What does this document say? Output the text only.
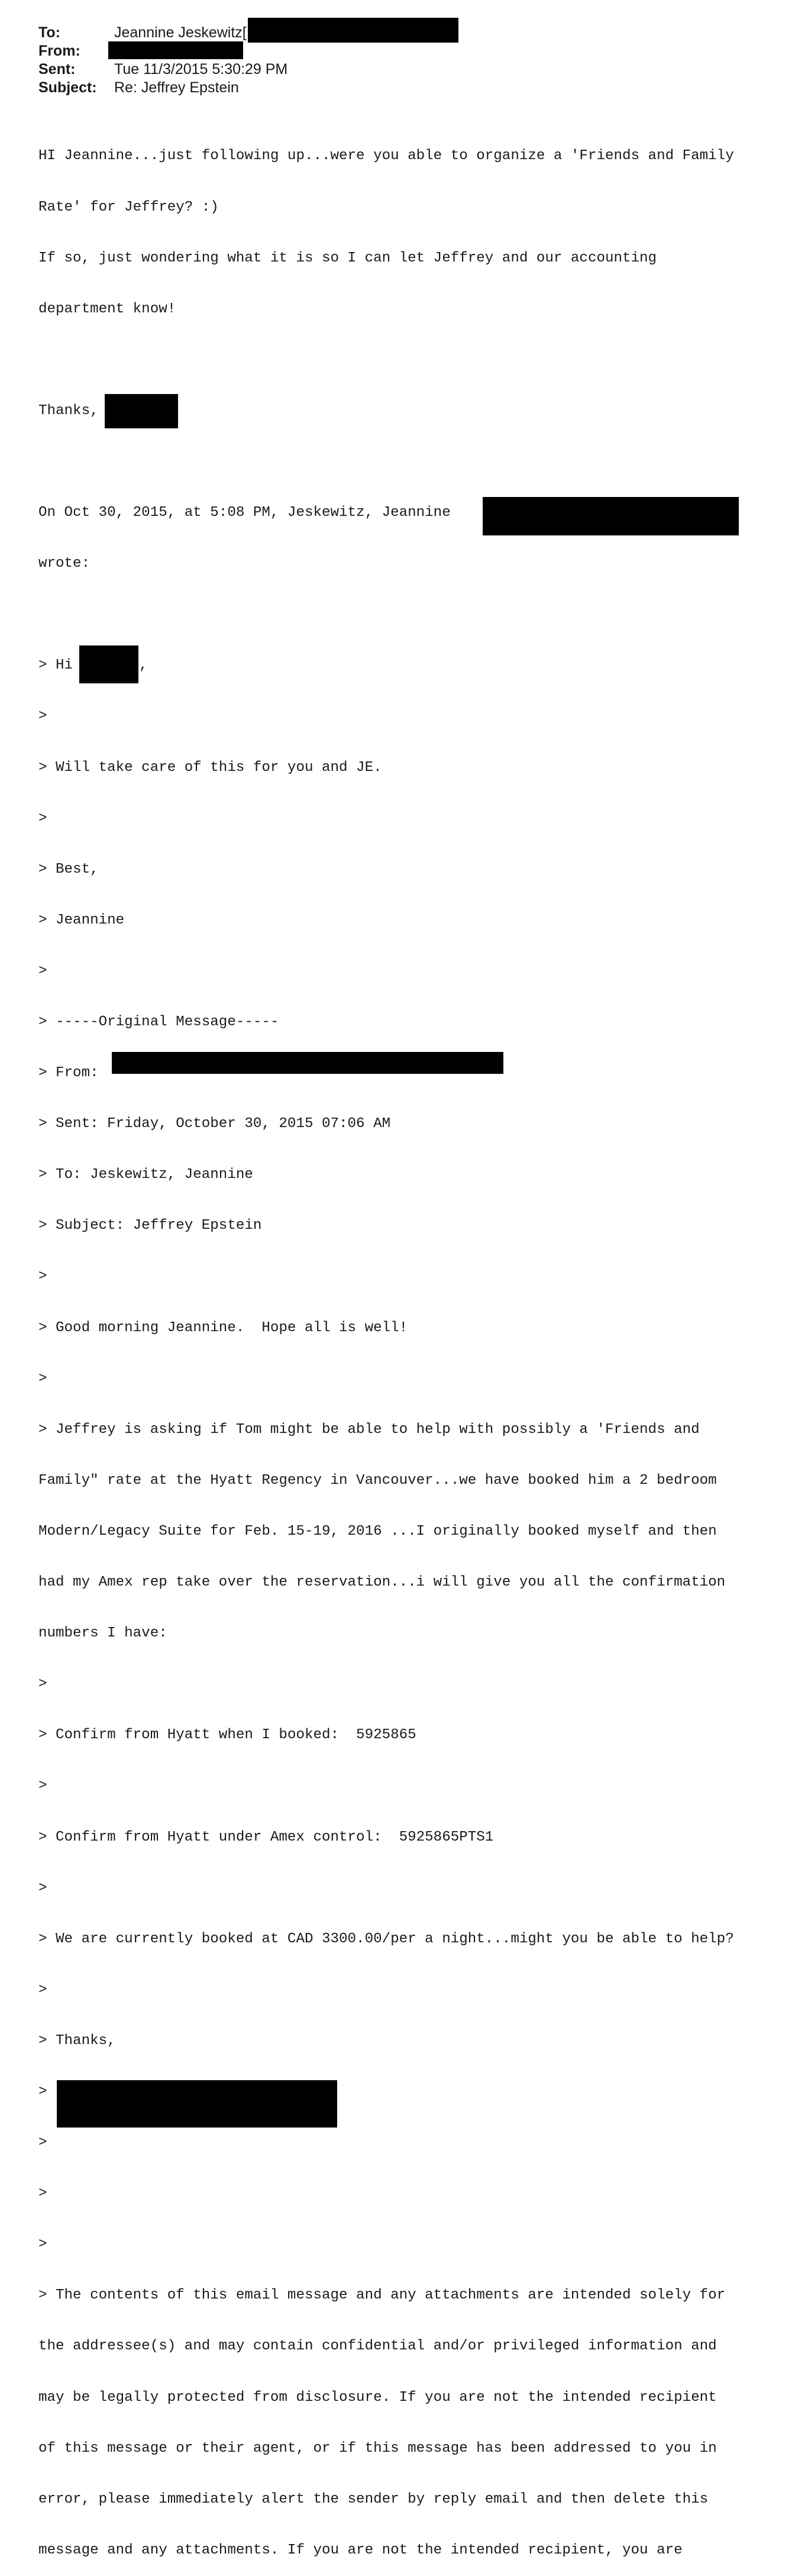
To:	Jeannine Jeskewitz[
From:
Sent:	Tue 11/3/2015 5:30:29 PM
Subject: Re: Jeffrey Epstein

HI Jeannine...just following up...were you able to organize a 'Friends and Family

Rate' for Jeffrey? :)

If so, just wondering what it is so I can let Jeffrey and our accounting

department know!

Thanks,

On Oct 30, 2015, at 5:08 PM, Jeskewitz, Jeannine

wrote:

> Hi	,

>

> Will take care of this for you and JE.

>

> Best,

> Jeannine

>

> -----Original Message-----

> From:

> Sent: Friday, October 30, 2015 07:06 AM

> To: Jeskewitz, Jeannine

> Subject: Jeffrey Epstein

>

> Good morning Jeannine.  Hope all is well!

>

> Jeffrey is asking if Tom might be able to help with possibly a 'Friends and

Family" rate at the Hyatt Regency in Vancouver...we have booked him a 2 bedroom

Modern/Legacy Suite for Feb. 15-19, 2016 ...I originally booked myself and then

had my Amex rep take over the reservation...i will give you all the confirmation

numbers I have:

>

> Confirm from Hyatt when I booked:  5925865

>

> Confirm from Hyatt under Amex control:  5925865PTS1

>

> We are currently booked at CAD 3300.00/per a night...might you be able to help?

>

> Thanks,

>

>

>

>

> The contents of this email message and any attachments are intended solely for

the addressee(s) and may contain confidential and/or privileged information and

may be legally protected from disclosure. If you are not the intended recipient

of this message or their agent, or if this message has been addressed to you in

error, please immediately alert the sender by reply email and then delete this

message and any attachments. If you are not the intended recipient, you are
